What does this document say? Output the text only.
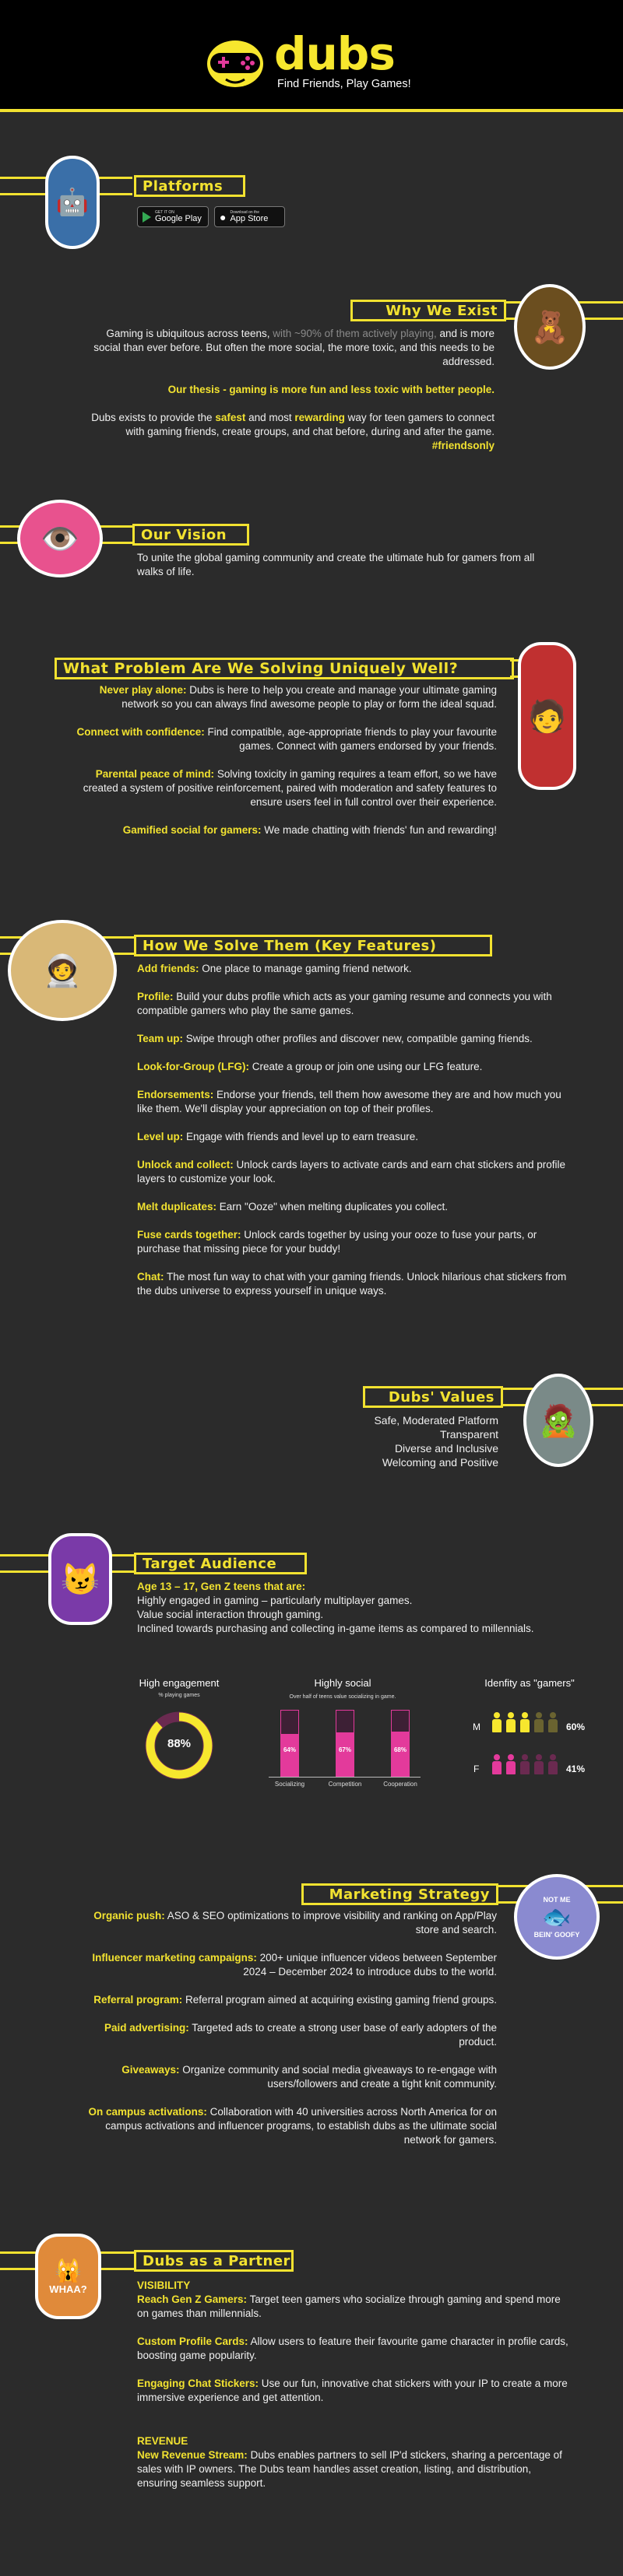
dubs
Find Friends, Play Games!
🤖
Platforms
GET IT ON
Google Play ● Download on the
App Store
Why We Exist 🧸

Gaming is ubiquitous across teens, with ~90% of them actively playing, and is more social than ever before. But often the more social, the more toxic, and this needs to be addressed.

Our thesis - gaming is more fun and less toxic with better people.

Dubs exists to provide the safest and most rewarding way for teen gamers to connect with gaming friends, create groups, and chat before, during and after the game. #friendsonly

👁️	Our Vision
To unite the global gaming community and create the ultimate hub for gamers from all walks of life.
What Problem Are We Solving Uniquely Well?
🧑

Never play alone: Dubs is here to help you create and manage your ultimate gaming network so you can always find awesome people to play or form the ideal squad.

Connect with confidence: Find compatible, age-appropriate friends to play your favourite games. Connect with gamers endorsed by your friends.

Parental peace of mind: Solving toxicity in gaming requires a team effort, so we have created a system of positive reinforcement, paired with moderation and safety features to ensure users feel in full control over their experience.

Gamified social for gamers: We made chatting with friends' fun and rewarding!

🧑‍🚀
How We Solve Them (Key Features)

Add friends: One place to manage gaming friend network.

Profile: Build your dubs profile which acts as your gaming resume and connects you with compatible gamers who play the same games.

Team up: Swipe through other profiles and discover new, compatible gaming friends.

Look-for-Group (LFG): Create a group or join one using our LFG feature.

Endorsements: Endorse your friends, tell them how awesome they are and how much you like them. We'll display your appreciation on top of their profiles.

Level up: Engage with friends and level up to earn treasure.

Unlock and collect: Unlock cards layers to activate cards and earn chat stickers and profile layers to customize your look.

Melt duplicates: Earn "Ooze" when melting duplicates you collect.

Fuse cards together: Unlock cards together by using your ooze to fuse your parts, or purchase that missing piece for your buddy!

Chat: The most fun way to chat with your gaming friends. Unlock hilarious chat stickers from the dubs universe to express yourself in unique ways.

Dubs' Values
🧟
Safe, Moderated Platform
Transparent
Diverse and Inclusive
Welcoming and Positive
😼	Target Audience
Age 13 – 17, Gen Z teens that are:
Highly engaged in gaming – particularly multiplayer games.
Value social interaction through gaming.
Inclined towards purchasing and collecting in-game items as compared to millennials.
High engagement
% playing games
88%
Highly social
Over half of teens value socializing in game.
64%	67%	68%
Socializing	Competition	Cooperation
Idenfity as "gamers"
M
F
60%
41%
Marketing Strategy	NOT ME
🐟
BEIN' GOOFY

Organic push: ASO & SEO optimizations to improve visibility and ranking on App/Play store and search.

Influencer marketing campaigns: 200+ unique influencer videos between September 2024 – December 2024 to introduce dubs to the world.

Referral program: Referral program aimed at acquiring existing gaming friend groups.

Paid advertising: Targeted ads to create a strong user base of early adopters of the product.

Giveaways: Organize community and social media giveaways to re-engage with users/followers and create a tight knit community.

On campus activations: Collaboration with 40 universities across North America for on campus activations and influencer programs, to establish dubs as the ultimate social network for gamers.

🙀
WHAA?
Dubs as a Partner
VISIBILITY

Reach Gen Z Gamers: Target teen gamers who socialize through gaming and spend more on games than millennials.

Custom Profile Cards: Allow users to feature their favourite game character in profile cards, boosting game popularity.

Engaging Chat Stickers: Use our fun, innovative chat stickers with your IP to create a more immersive experience and get attention.

REVENUE
New Revenue Stream: Dubs enables partners to sell IP'd stickers, sharing a percentage of sales with IP owners. The Dubs team handles asset creation, listing, and distribution, ensuring seamless support.
